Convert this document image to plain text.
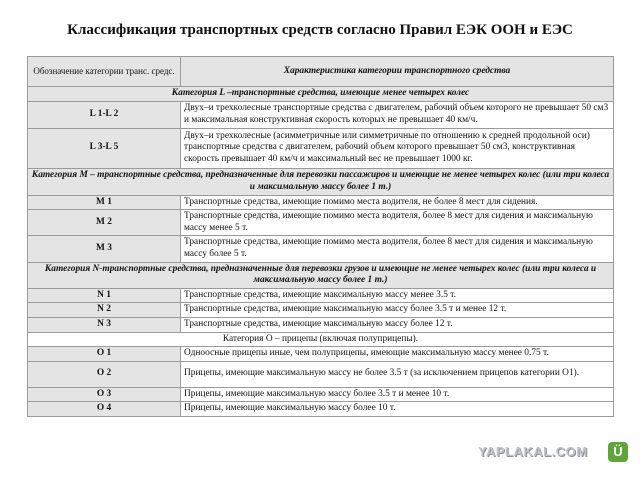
Классификация транспортных средств согласно Правил ЕЭК ООН и ЕЭС
Обозначение категории транс. средс.	Характеристика категории транспортного средства
Категория L –транспортные средства, имеющие менее четырех колес	
L 1-L 2	Двух–и трехколесные транспортные средства с двигателем, рабочий объем которого не превышает 50 см3 и максимальная конструктивная скорость которых не превышает 40 км/ч.
L 3-L 5	Двух–и трехколесные (асимметричные или симметричные по отношению к средней продольной оси) транспортные средства с двигателем, рабочий объем которого превышает 50 см3, конструктивная скорость превышает 40 км/ч и максимальный вес не превышает 1000 кг.
Категория М – транспортные средства, предназначенные для перевозки пассажиров и имеющие не менее четырех колес (или три колеса и максимальную массу более 1 т.)	
М 1	Транспортные средства, имеющие помимо места водителя, не более 8 мест для сидения.
М 2	Транспортные средства, имеющие помимо места водителя, более 8 мест для сидения и максимальную массу менее 5 т.
М 3	Транспортные средства, имеющие помимо места водителя, более 8 мест для сидения и максимальную массу более 5 т.
Категория N-транспортные средства, предназначенные для перевозки грузов и имеющие не менее четырех колес (или три колеса и максимальную массу более 1 т.)	
N 1	Транспортные средства, имеющие максимальную массу менее 3.5 т.
N 2	Транспортные средства, имеющие максимальную массу более 3.5 т и менее 12 т.
N 3	Транспортные средства, имеющие максимальную массу более 12 т.
Категория О – прицепы (включая полуприцепы).	
О 1	Одноосные прицепы иные, чем полуприцепы, имеющие максимальную массу менее 0.75 т.
О 2	Прицепы, имеющие максимальную массу не более 3.5 т (за исключением прицепов категории О1).
О 3	Прицепы, имеющие максимальную массу более 3.5 т и менее 10 т.
О 4	Прицепы, имеющие максимальную массу более 10 т.
YAPLAKAL.COM	Ü
